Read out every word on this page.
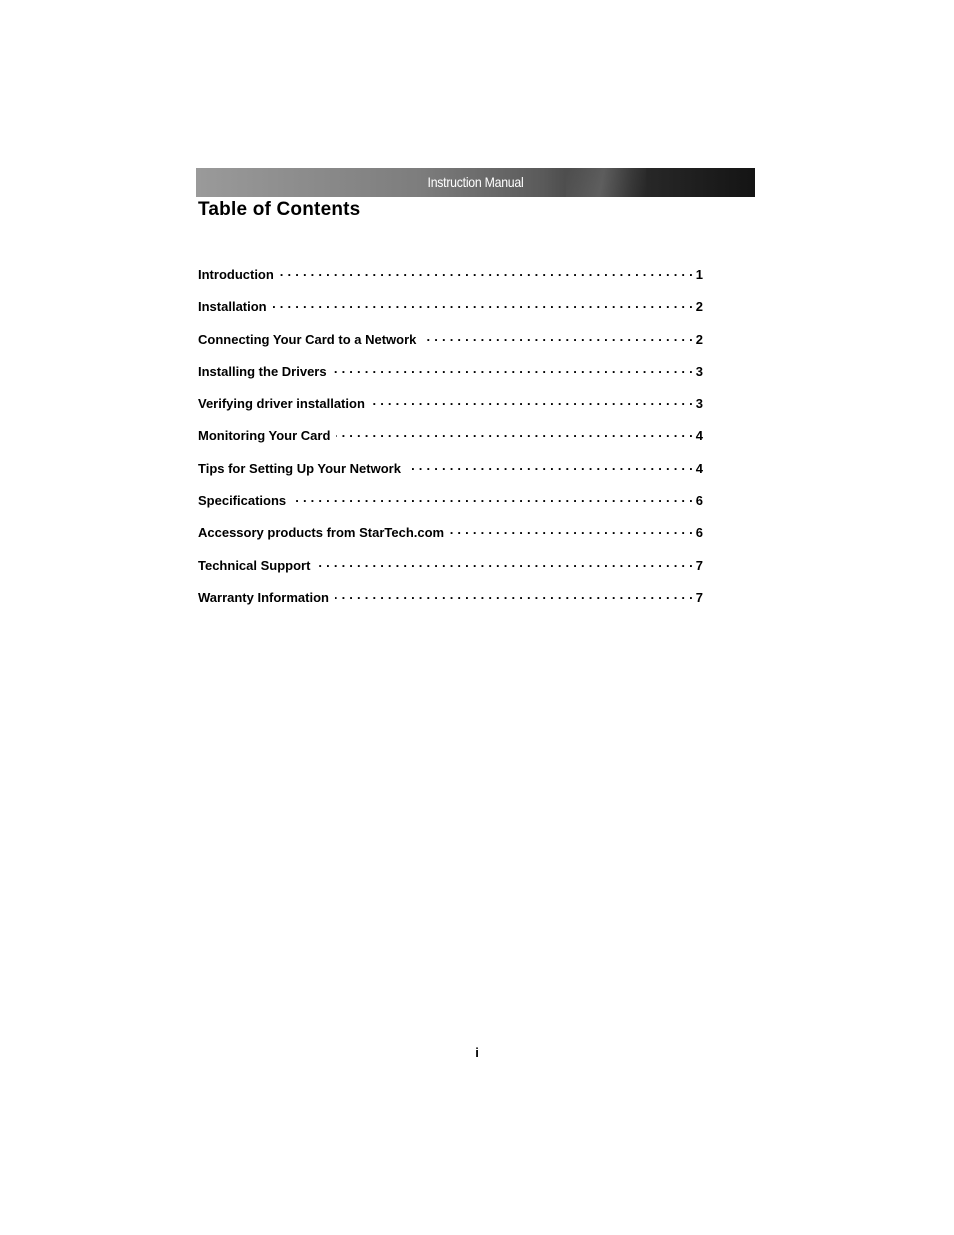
Instruction Manual
Table of Contents
Introduction . . .	1
Installation . . .	2
Connecting Your Card to a Network . . .	2
Installing the Drivers . . .	3
Verifying driver installation . . .	3
Monitoring Your Card . . .	4
Tips for Setting Up Your Network . . .	4
Specifications . . .	6
Accessory products from StarTech.com . . .	6
Technical Support . . .	7
Warranty Information . . .	7
i
